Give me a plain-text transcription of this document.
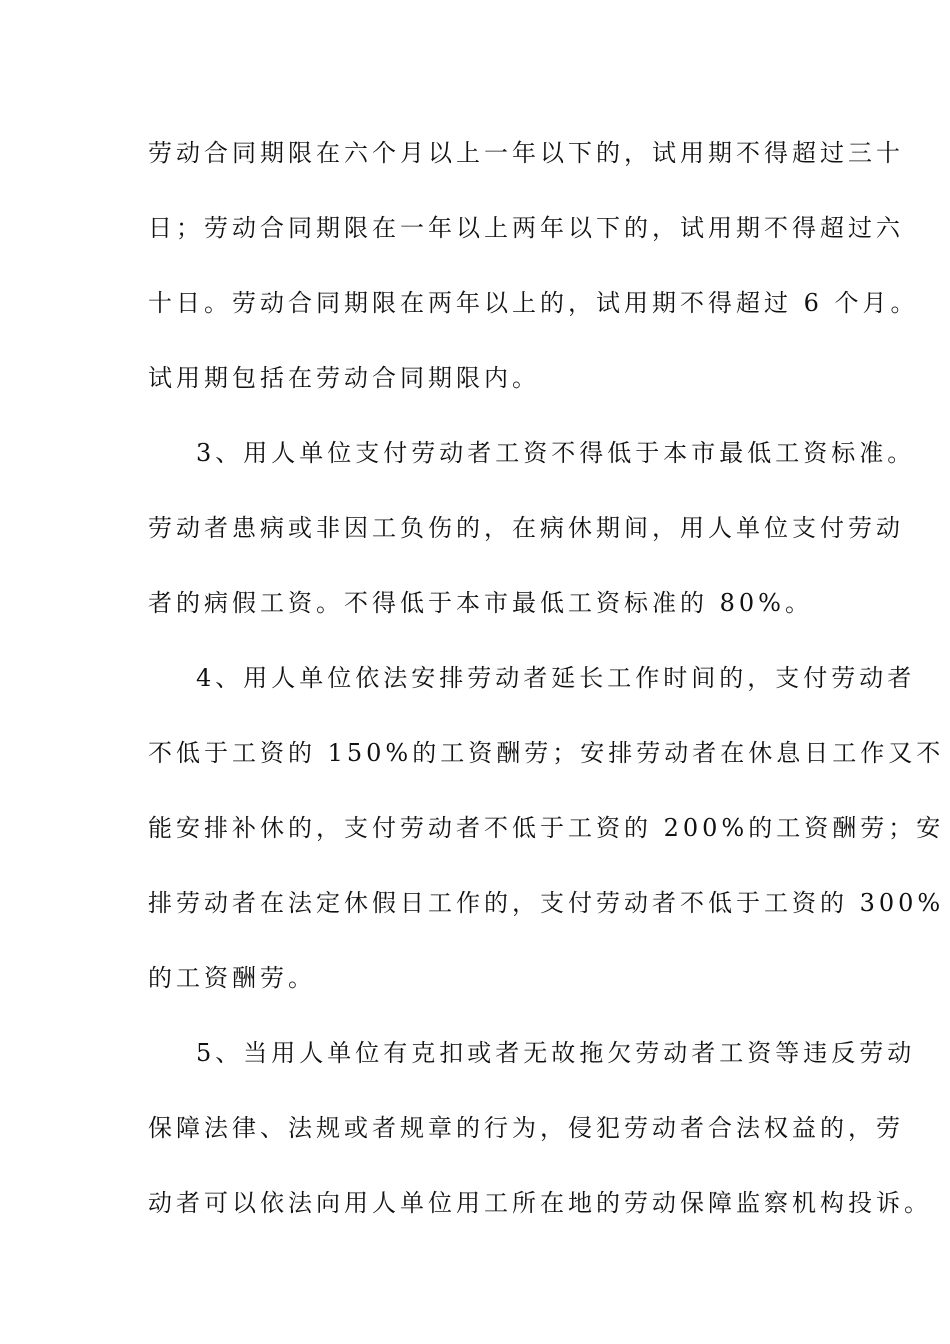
劳动合同期限在六个月以上一年以下的，试用期不得超过三十
日；劳动合同期限在一年以上两年以下的，试用期不得超过六
十日。劳动合同期限在两年以上的，试用期不得超过 6 个月。
试用期包括在劳动合同期限内。
3、用人单位支付劳动者工资不得低于本市最低工资标准。
劳动者患病或非因工负伤的，在病休期间，用人单位支付劳动
者的病假工资。不得低于本市最低工资标准的 80%。
4、用人单位依法安排劳动者延长工作时间的，支付劳动者
不低于工资的 150%的工资酬劳；安排劳动者在休息日工作又不
能安排补休的，支付劳动者不低于工资的 200%的工资酬劳；安
排劳动者在法定休假日工作的，支付劳动者不低于工资的 300%
的工资酬劳。
5、当用人单位有克扣或者无故拖欠劳动者工资等违反劳动
保障法律、法规或者规章的行为，侵犯劳动者合法权益的，劳
动者可以依法向用人单位用工所在地的劳动保障监察机构投诉。
